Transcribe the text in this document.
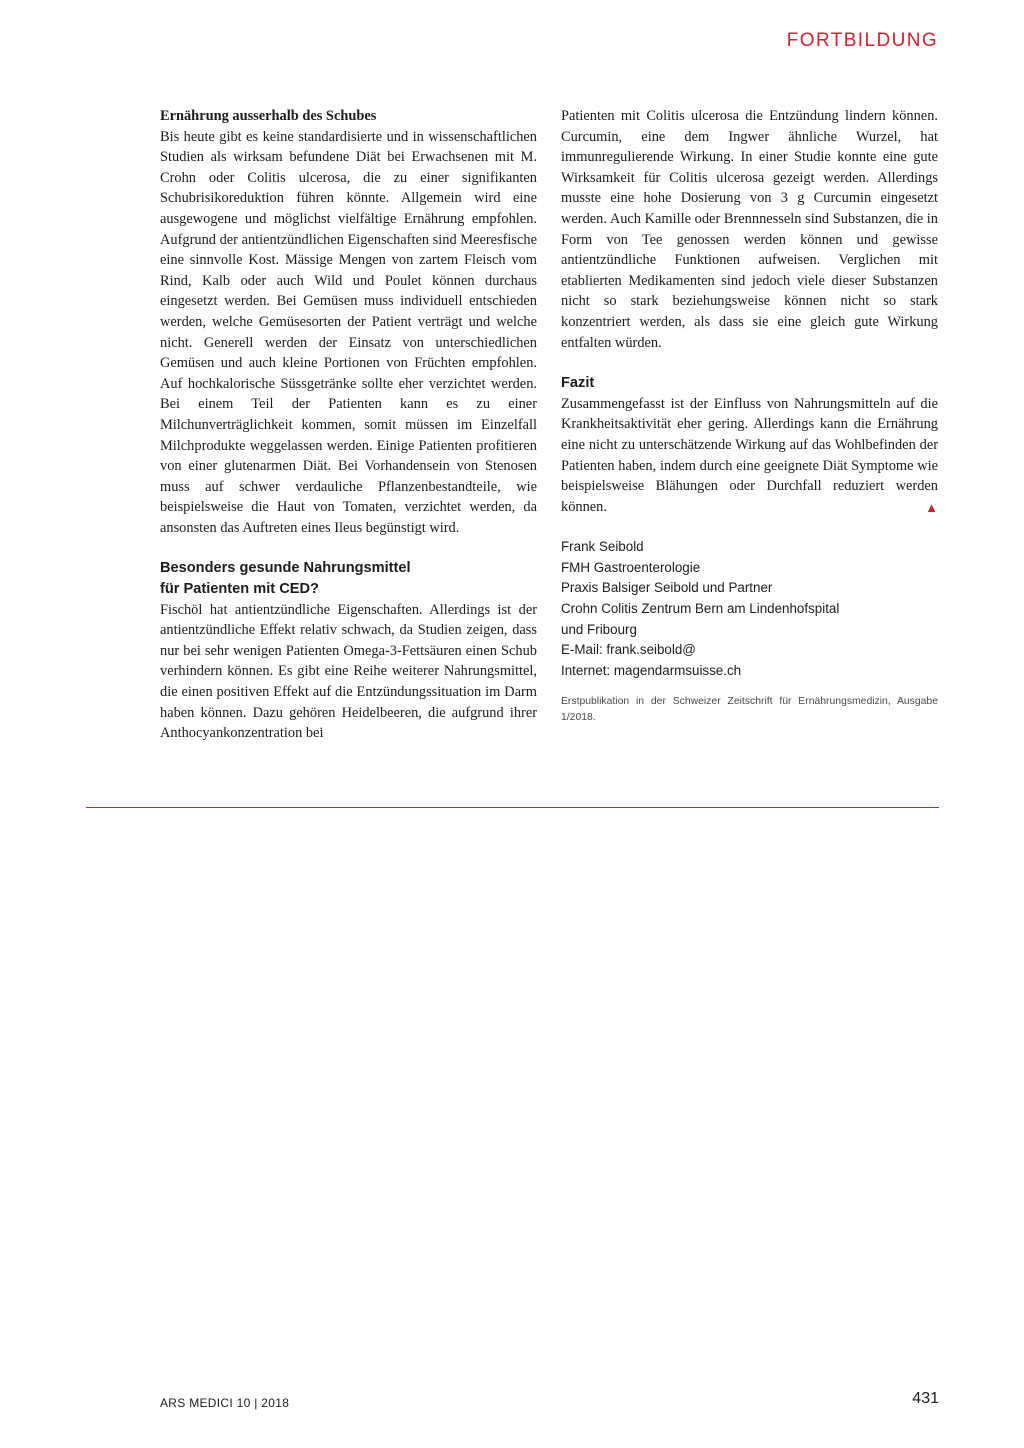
FORTBILDUNG

Ernährung ausserhalb des Schubes

Bis heute gibt es keine standardisierte und in wissenschaftlichen Studien als wirksam befundene Diät bei Erwachsenen mit M. Crohn oder Colitis ulcerosa, die zu einer signifikanten Schubrisikoreduktion führen könnte. Allgemein wird eine ausgewogene und möglichst vielfältige Ernährung empfohlen. Aufgrund der antientzündlichen Eigenschaften sind Meeresfische eine sinnvolle Kost. Mässige Mengen von zartem Fleisch vom Rind, Kalb oder auch Wild und Poulet können durchaus eingesetzt werden. Bei Gemüsen muss individuell entschieden werden, welche Gemüsesorten der Patient verträgt und welche nicht. Generell werden der Einsatz von unterschiedlichen Gemüsen und auch kleine Portionen von Früchten empfohlen. Auf hochkalorische Süssgetränke sollte eher verzichtet werden. Bei einem Teil der Patienten kann es zu einer Milchunverträglichkeit kommen, somit müssen im Einzelfall Milchprodukte weggelassen werden. Einige Patienten profitieren von einer glutenarmen Diät. Bei Vorhandensein von Stenosen muss auf schwer verdauliche Pflanzenbestandteile, wie beispielsweise die Haut von Tomaten, verzichtet werden, da ansonsten das Auftreten eines Ileus begünstigt wird.

Besonders gesunde Nahrungsmittel
für Patienten mit CED?

Fischöl hat antientzündliche Eigenschaften. Allerdings ist der antientzündliche Effekt relativ schwach, da Studien zeigen, dass nur bei sehr wenigen Patienten Omega-3-Fettsäuren einen Schub verhindern können. Es gibt eine Reihe weiterer Nahrungsmittel, die einen positiven Effekt auf die Entzündungssituation im Darm haben können. Dazu gehören Heidelbeeren, die aufgrund ihrer Anthocyankonzentration bei

Patienten mit Colitis ulcerosa die Entzündung lindern können. Curcumin, eine dem Ingwer ähnliche Wurzel, hat immunregulierende Wirkung. In einer Studie konnte eine gute Wirksamkeit für Colitis ulcerosa gezeigt werden. Allerdings musste eine hohe Dosierung von 3 g Curcumin eingesetzt werden. Auch Kamille oder Brennnesseln sind Substanzen, die in Form von Tee genossen werden können und gewisse antientzündliche Funktionen aufweisen. Verglichen mit etablierten Medikamenten sind jedoch viele dieser Substanzen nicht so stark beziehungsweise können nicht so stark konzentriert werden, als dass sie eine gleich gute Wirkung entfalten würden.

Fazit

Zusammengefasst ist der Einfluss von Nahrungsmitteln auf die Krankheitsaktivität eher gering. Allerdings kann die Ernährung eine nicht zu unterschätzende Wirkung auf das Wohlbefinden der Patienten haben, indem durch eine geeignete Diät Symptome wie beispielsweise Blähungen oder Durchfall reduziert werden können.	▲

Frank Seibold
FMH Gastroenterologie
Praxis Balsiger Seibold und Partner
Crohn Colitis Zentrum Bern am Lindenhofspital
und Fribourg
E-Mail: frank.seibold@
Internet: magendarmsuisse.ch
Erstpublikation in der Schweizer Zeitschrift für Ernährungsmedizin, Ausgabe 1/2018.
ARS MEDICI 10 | 2018	431
